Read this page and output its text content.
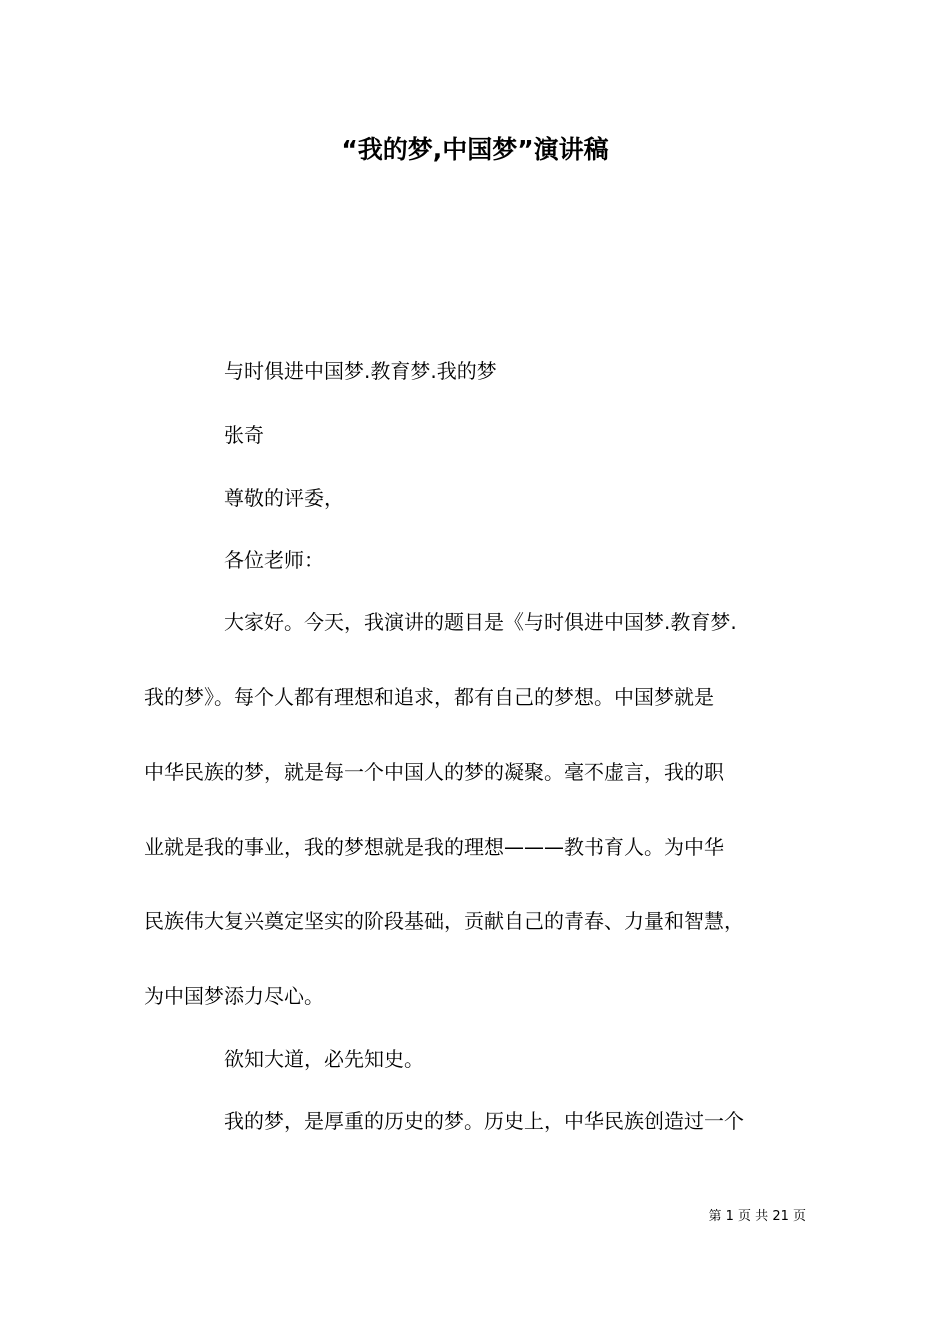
“我的梦,中国梦”演讲稿
与时俱进中国梦.教育梦.我的梦
张奇
尊敬的评委，
各位老师：
大家好。今天，我演讲的题目是《与时俱进中国梦.教育梦.
我的梦》。每个人都有理想和追求，都有自己的梦想。中国梦就是
中华民族的梦，就是每一个中国人的梦的凝聚。毫不虚言，我的职
业就是我的事业，我的梦想就是我的理想———教书育人。为中华
民族伟大复兴奠定坚实的阶段基础，贡献自己的青春、力量和智慧，
为中国梦添力尽心。
欲知大道，必先知史。
我的梦，是厚重的历史的梦。历史上，中华民族创造过一个
第 1 页 共 21 页
